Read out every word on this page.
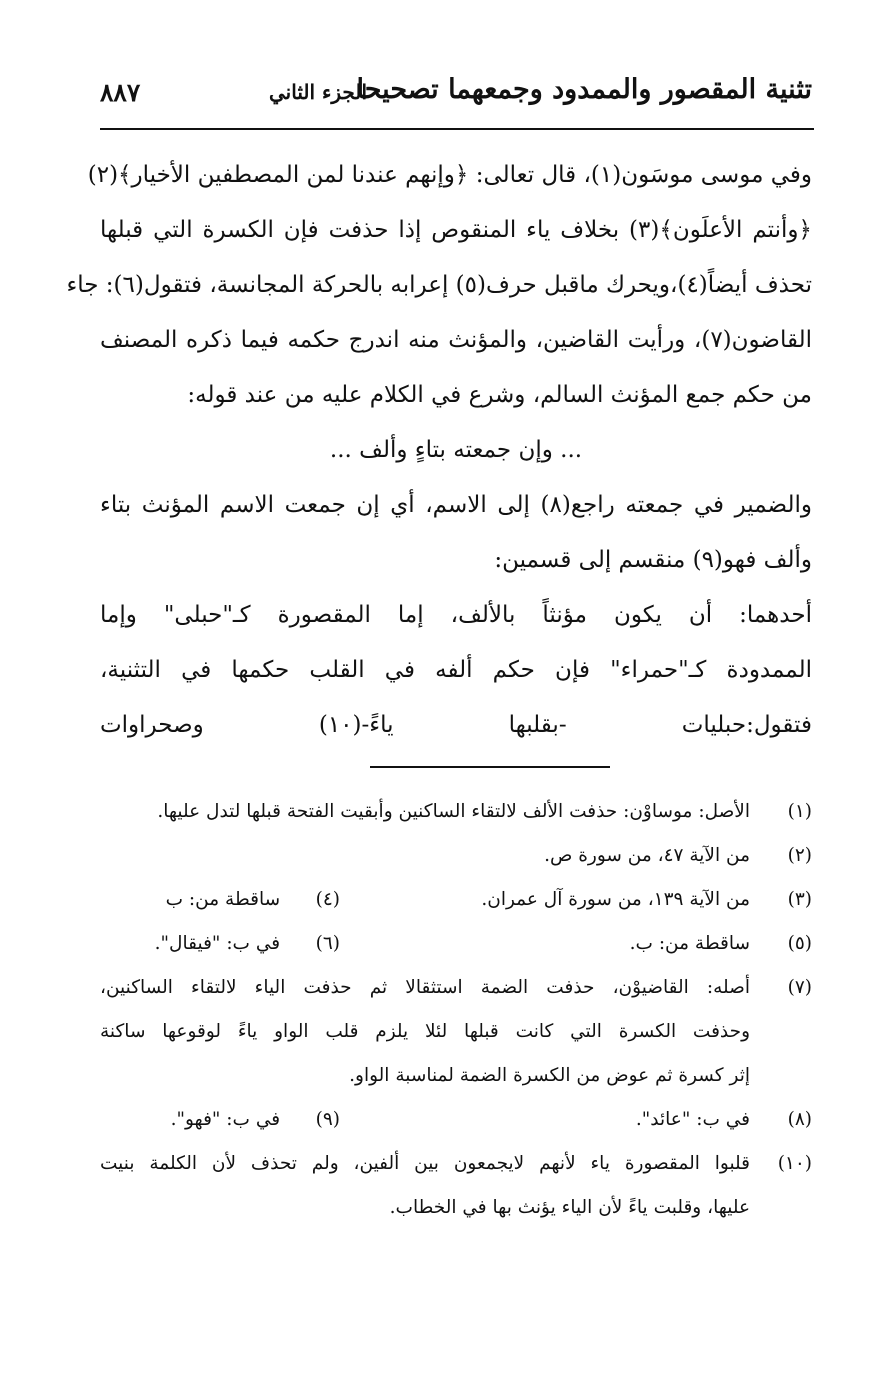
تثنية المقصور والممدود وجمعهما تصحيحا
الجزء الثاني
٨٨٧
وفي موسى موسَون(١)، قال تعالى: ﴿وإنهم عندنا لمن المصطفين الأخيار﴾(٢)
﴿وأنتم الأعلَون﴾(٣) بخلاف ياء المنقوص إذا حذفت فإن الكسرة التي قبلها
تحذف أيضاً(٤)،ويحرك ماقبل حرف(٥) إعرابه بالحركة المجانسة، فتقول(٦): جاء
القاضون(٧)، ورأيت القاضين، والمؤنث منه اندرج حكمه فيما ذكره المصنف
من حكم جمع المؤنث السالم، وشرع في الكلام عليه من عند قوله:
... وإن جمعته بتاءٍ وألف ...
والضمير في جمعته راجع(٨) إلى الاسم، أي إن جمعت الاسم المؤنث بتاء
وألف فهو(٩) منقسم إلى قسمين:
أحدهما: أن يكون مؤنثاً بالألف، إما المقصورة كـ"حبلى" وإما
الممدودة كـ"حمراء" فإن حكم ألفه في القلب حكمها في التثنية،
فتقول:حبليات -بقلبها ياءً-(١٠) وصحراوات
(١)
الأصل: موساوْن: حذفت الألف لالتقاء الساكنين وأبقيت الفتحة قبلها لتدل عليها.
(٢)
من الآية ٤٧، من سورة ص.
(٣)
من الآية ١٣٩، من سورة آل عمران.
(٤) ساقطة من: ب
(٥)
ساقطة من: ب.
(٦) في ب: "فيقال".
(٧)
أصله: القاضيوْن، حذفت الضمة استثقالا ثم حذفت الياء لالتقاء الساكنين،
وحذفت الكسرة التي كانت قبلها لئلا يلزم قلب الواو ياءً لوقوعها ساكنة
إثر كسرة ثم عوض من الكسرة الضمة لمناسبة الواو.
(٨)
في ب: "عائد".
(٩) في ب: "فهو".
(١٠)
قلبوا المقصورة ياء لأنهم لايجمعون بين ألفين، ولم تحذف لأن الكلمة بنيت
عليها، وقلبت ياءً لأن الياء يؤنث بها في الخطاب.
